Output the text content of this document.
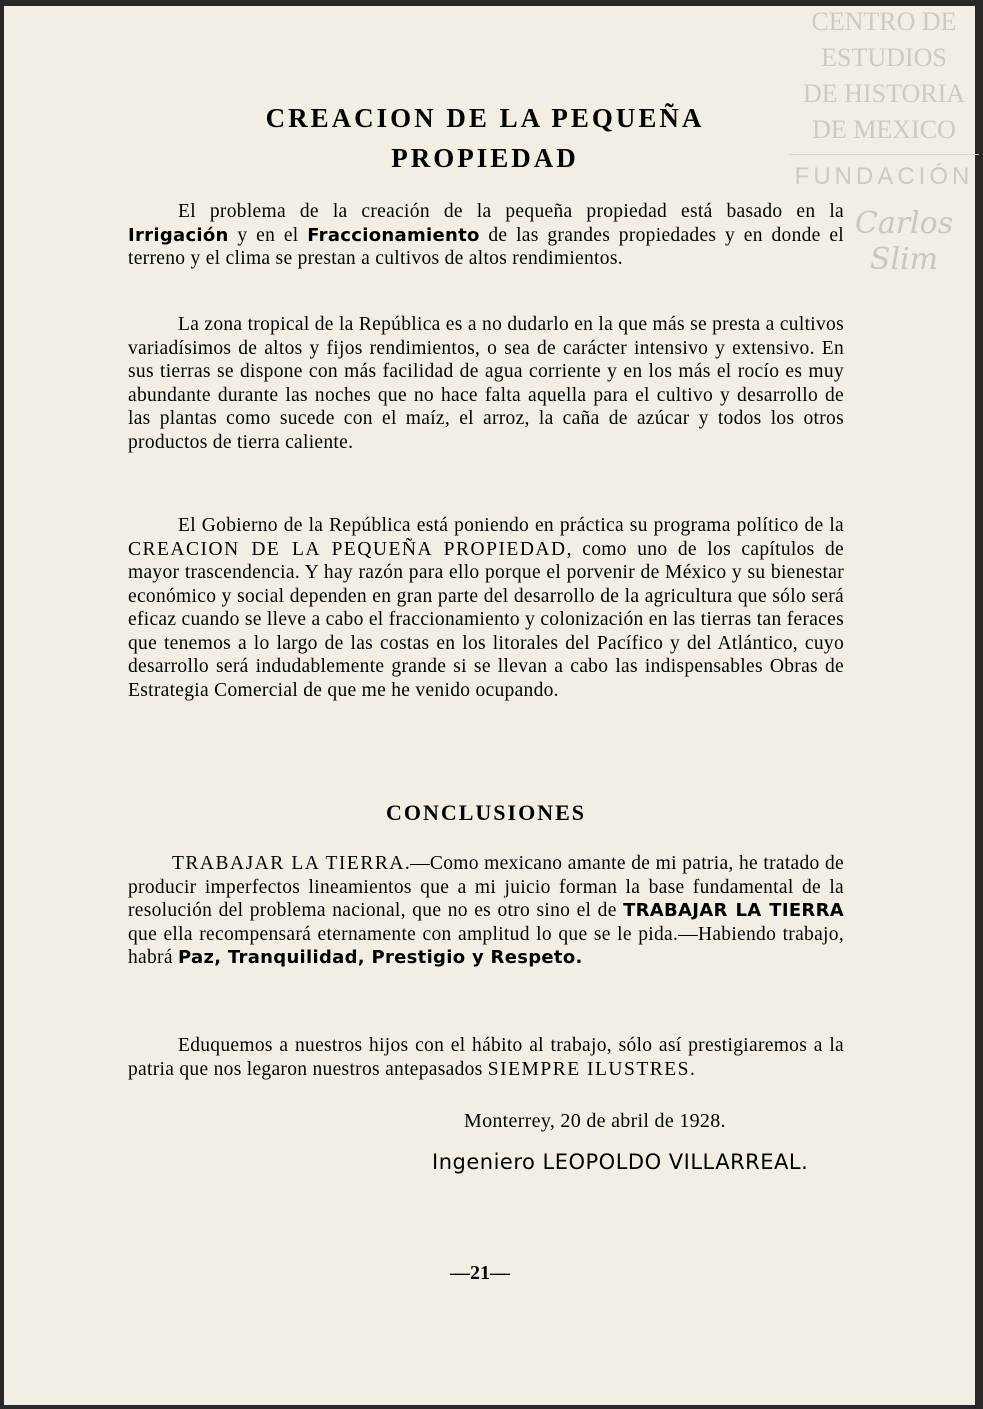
CENTRO DE
ESTUDIOS
DE HISTORIA
DE MEXICO
FUNDACIÓN
Carlos Slim
CREACION DE LA PEQUEÑA PROPIEDAD
El problema de la creación de la pequeña propiedad está basado en la Irrigación y en el Fraccionamiento de las grandes propiedades y en donde el terreno y el clima se prestan a cultivos de altos rendimientos.
La zona tropical de la República es a no dudarlo en la que más se presta a cultivos variadísimos de altos y fijos rendimientos, o sea de carácter intensivo y extensivo. En sus tierras se dispone con más facilidad de agua corriente y en los más el rocío es muy abundante durante las noches que no hace falta aquella para el cultivo y desarrollo de las plantas como sucede con el maíz, el arroz, la caña de azúcar y todos los otros productos de tierra caliente.
El Gobierno de la República está poniendo en práctica su programa político de la CREACION DE LA PEQUEÑA PROPIEDAD, como uno de los capítulos de mayor trascendencia. Y hay razón para ello porque el porvenir de México y su bienestar económico y social dependen en gran parte del desarrollo de la agricultura que sólo será eficaz cuando se lleve a cabo el fraccionamiento y colonización en las tierras tan feraces que tenemos a lo largo de las costas en los litorales del Pacífico y del Atlántico, cuyo desarrollo será indudablemente grande si se llevan a cabo las indispensables Obras de Estrategia Comercial de que me he venido ocupando.
CONCLUSIONES
TRABAJAR LA TIERRA.—Como mexicano amante de mi patria, he tratado de producir imperfectos lineamientos que a mi juicio forman la base fundamental de la resolución del problema nacional, que no es otro sino el de TRABAJAR LA TIERRA que ella recompensará eternamente con amplitud lo que se le pida.—Habiendo trabajo, habrá Paz, Tranquilidad, Prestigio y Respeto.
Eduquemos a nuestros hijos con el hábito al trabajo, sólo así prestigiaremos a la patria que nos legaron nuestros antepasados SIEMPRE ILUSTRES.
Monterrey, 20 de abril de 1928.
Ingeniero LEOPOLDO VILLARREAL.
—21—
